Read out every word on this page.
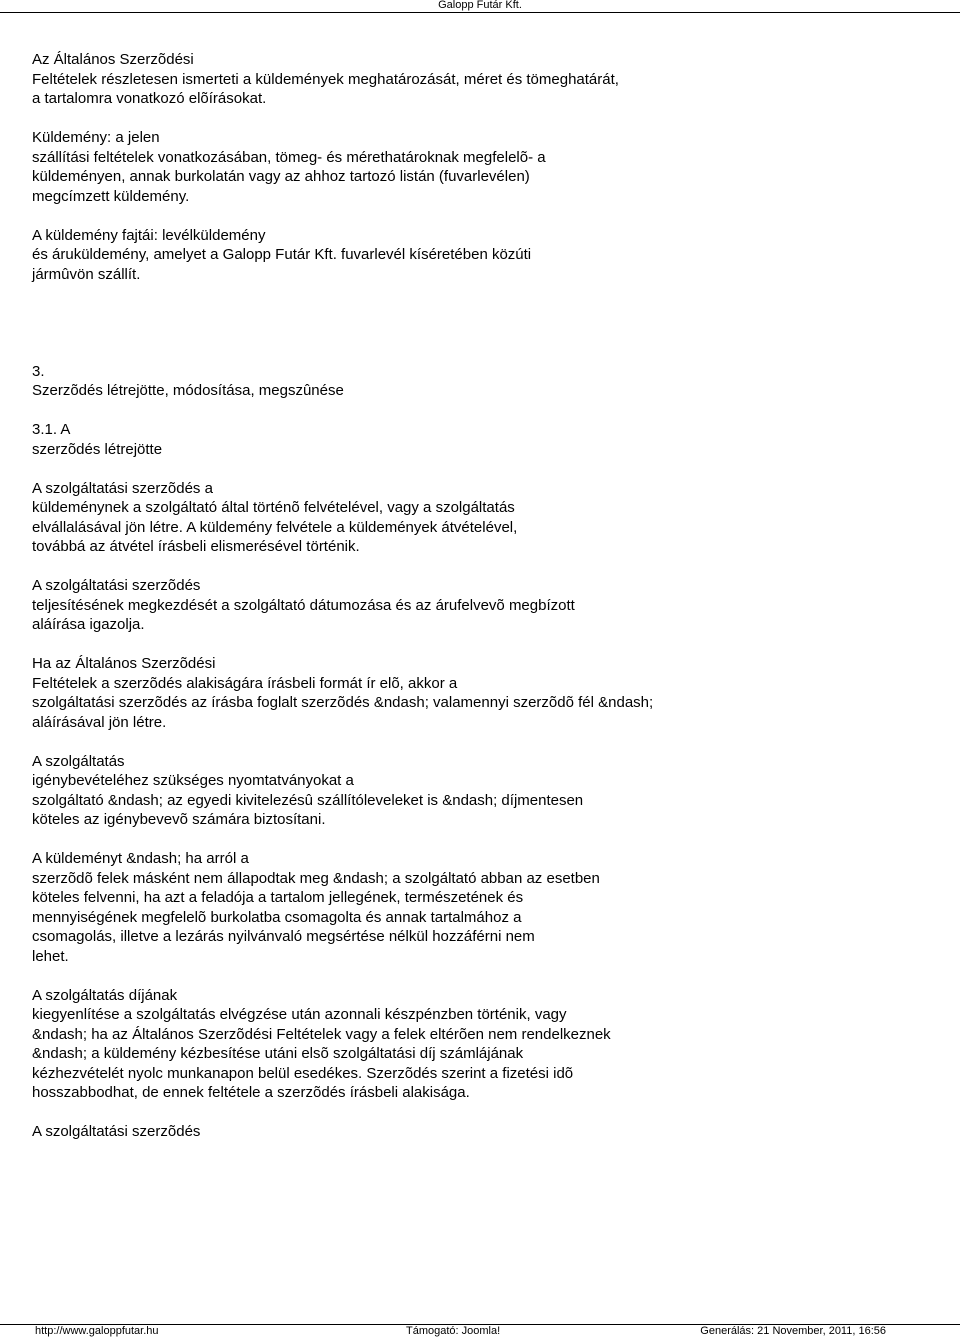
Galopp Futár Kft.
Az Általános Szerzõdési
Feltételek részletesen ismerteti a küldemények meghatározását, méret és tömeghatárát,
a tartalomra vonatkozó elõírásokat.
Küldemény: a jelen
szállítási feltételek vonatkozásában, tömeg- és mérethatároknak megfelelõ- a
küldeményen, annak burkolatán vagy az ahhoz tartozó listán (fuvarlevélen)
megcímzett küldemény.
A küldemény fajtái: levélküldemény
és áruküldemény, amelyet a Galopp Futár Kft. fuvarlevél kíséretében közúti
jármûvön szállít.
3.
Szerzõdés létrejötte, módosítása, megszûnése
3.1. A
szerzõdés létrejötte
A szolgáltatási szerzõdés a
küldeménynek a szolgáltató által történõ felvételével, vagy a szolgáltatás
elvállalásával jön létre. A küldemény felvétele a küldemények átvételével,
továbbá az átvétel írásbeli elismerésével történik.
A szolgáltatási szerzõdés
teljesítésének megkezdését a szolgáltató dátumozása és az árufelvevõ megbízott
aláírása igazolja.
Ha az Általános Szerzõdési
Feltételek a szerzõdés alakiságára írásbeli formát ír elõ, akkor a
szolgáltatási szerzõdés az írásba foglalt szerzõdés &ndash; valamennyi szerzõdõ fél &ndash;
aláírásával jön létre.
A szolgáltatás
igénybevételéhez szükséges nyomtatványokat a
szolgáltató &ndash; az egyedi kivitelezésû szállítóleveleket is &ndash; díjmentesen
köteles az igénybevevõ számára biztosítani.
A küldeményt &ndash; ha arról a
szerzõdõ felek másként nem állapodtak meg &ndash; a szolgáltató abban az esetben
köteles felvenni, ha azt a feladója a tartalom jellegének, természetének és
mennyiségének megfelelõ burkolatba csomagolta és annak tartalmához a
csomagolás, illetve a lezárás nyilvánvaló megsértése nélkül hozzáférni nem
lehet.
A szolgáltatás díjának
kiegyenlítése a szolgáltatás elvégzése után azonnali készpénzben történik, vagy
&ndash; ha az Általános Szerzõdési Feltételek vagy a felek eltérõen nem rendelkeznek
&ndash; a küldemény kézbesítése utáni elsõ szolgáltatási díj számlájának
kézhezvételét nyolc munkanapon belül esedékes. Szerzõdés szerint a fizetési idõ
hosszabbodhat, de ennek feltétele a szerzõdés írásbeli alakisága.
A szolgáltatási szerzõdés
http://www.galoppfutar.hu	Támogató: Joomla!	Generálás: 21 November, 2011, 16:56
